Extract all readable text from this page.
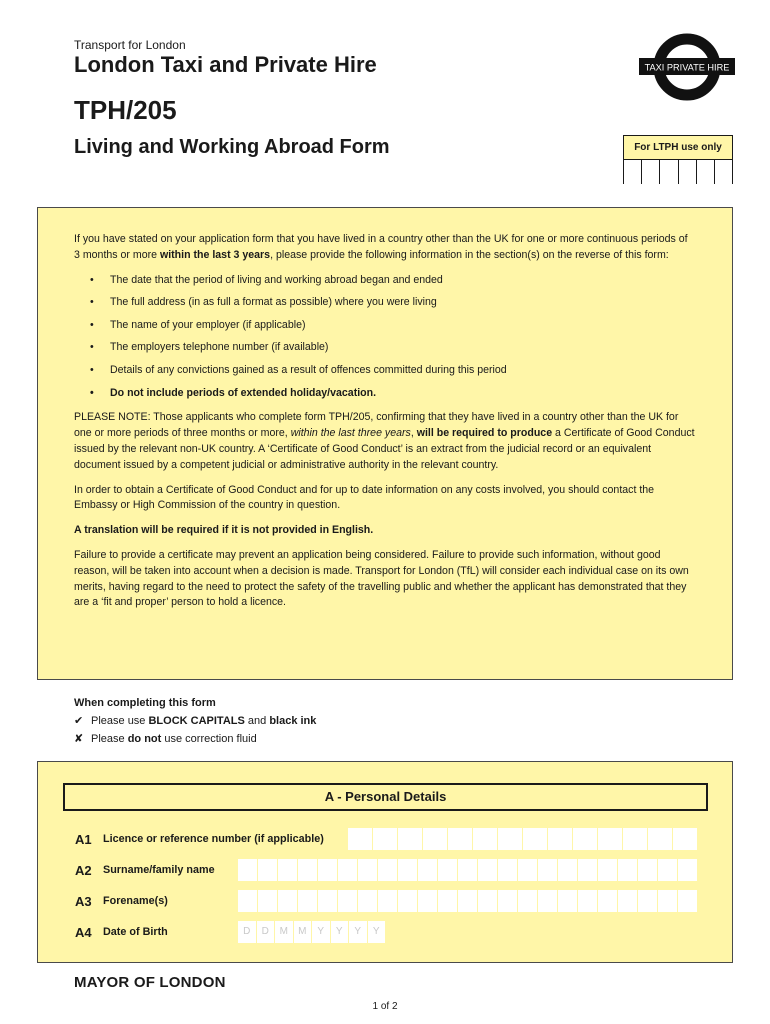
Transport for London
London Taxi and Private Hire
TPH/205
Living and Working Abroad Form
TAXI PRIVATE HIRE
For LTPH use only

If you have stated on your application form that you have lived in a country other than the UK for one or more continuous periods of 3 months or more within the last 3 years, please provide the following information in the section(s) on the reverse of this form:

• The date that the period of living and working abroad began and ended
• The full address (in as full a format as possible) where you were living
• The name of your employer (if applicable)
• The employers telephone number (if available)
• Details of any convictions gained as a result of offences committed during this period
• Do not include periods of extended holiday/vacation.

PLEASE NOTE: Those applicants who complete form TPH/205, confirming that they have lived in a country other than the UK for one or more periods of three months or more, within the last three years, will be required to produce a Certificate of Good Conduct issued by the relevant non-UK country. A ‘Certificate of Good Conduct’ is an extract from the judicial record or an equivalent document issued by a competent judicial or administrative authority in the relevant country.

In order to obtain a Certificate of Good Conduct and for up to date information on any costs involved, you should contact the Embassy or High Commission of the country in question.

A translation will be required if it is not provided in English.

Failure to provide a certificate may prevent an application being considered. Failure to provide such information, without good reason, will be taken into account when a decision is made. Transport for London (TfL) will consider each individual case on its own merits, having regard to the need to protect the safety of the travelling public and whether the applicant has demonstrated that they are a ‘fit and proper’ person to hold a licence.

When completing this form
✔ Please use BLOCK CAPITALS and black ink
✘ Please do not use correction fluid
A - Personal Details
A1	Licence or reference number (if applicable)
A2	Surname/family name
A3	Forename(s)
A4	Date of Birth	D	D	M	M	Y	Y	Y	Y
MAYOR OF LONDON
1 of 2
